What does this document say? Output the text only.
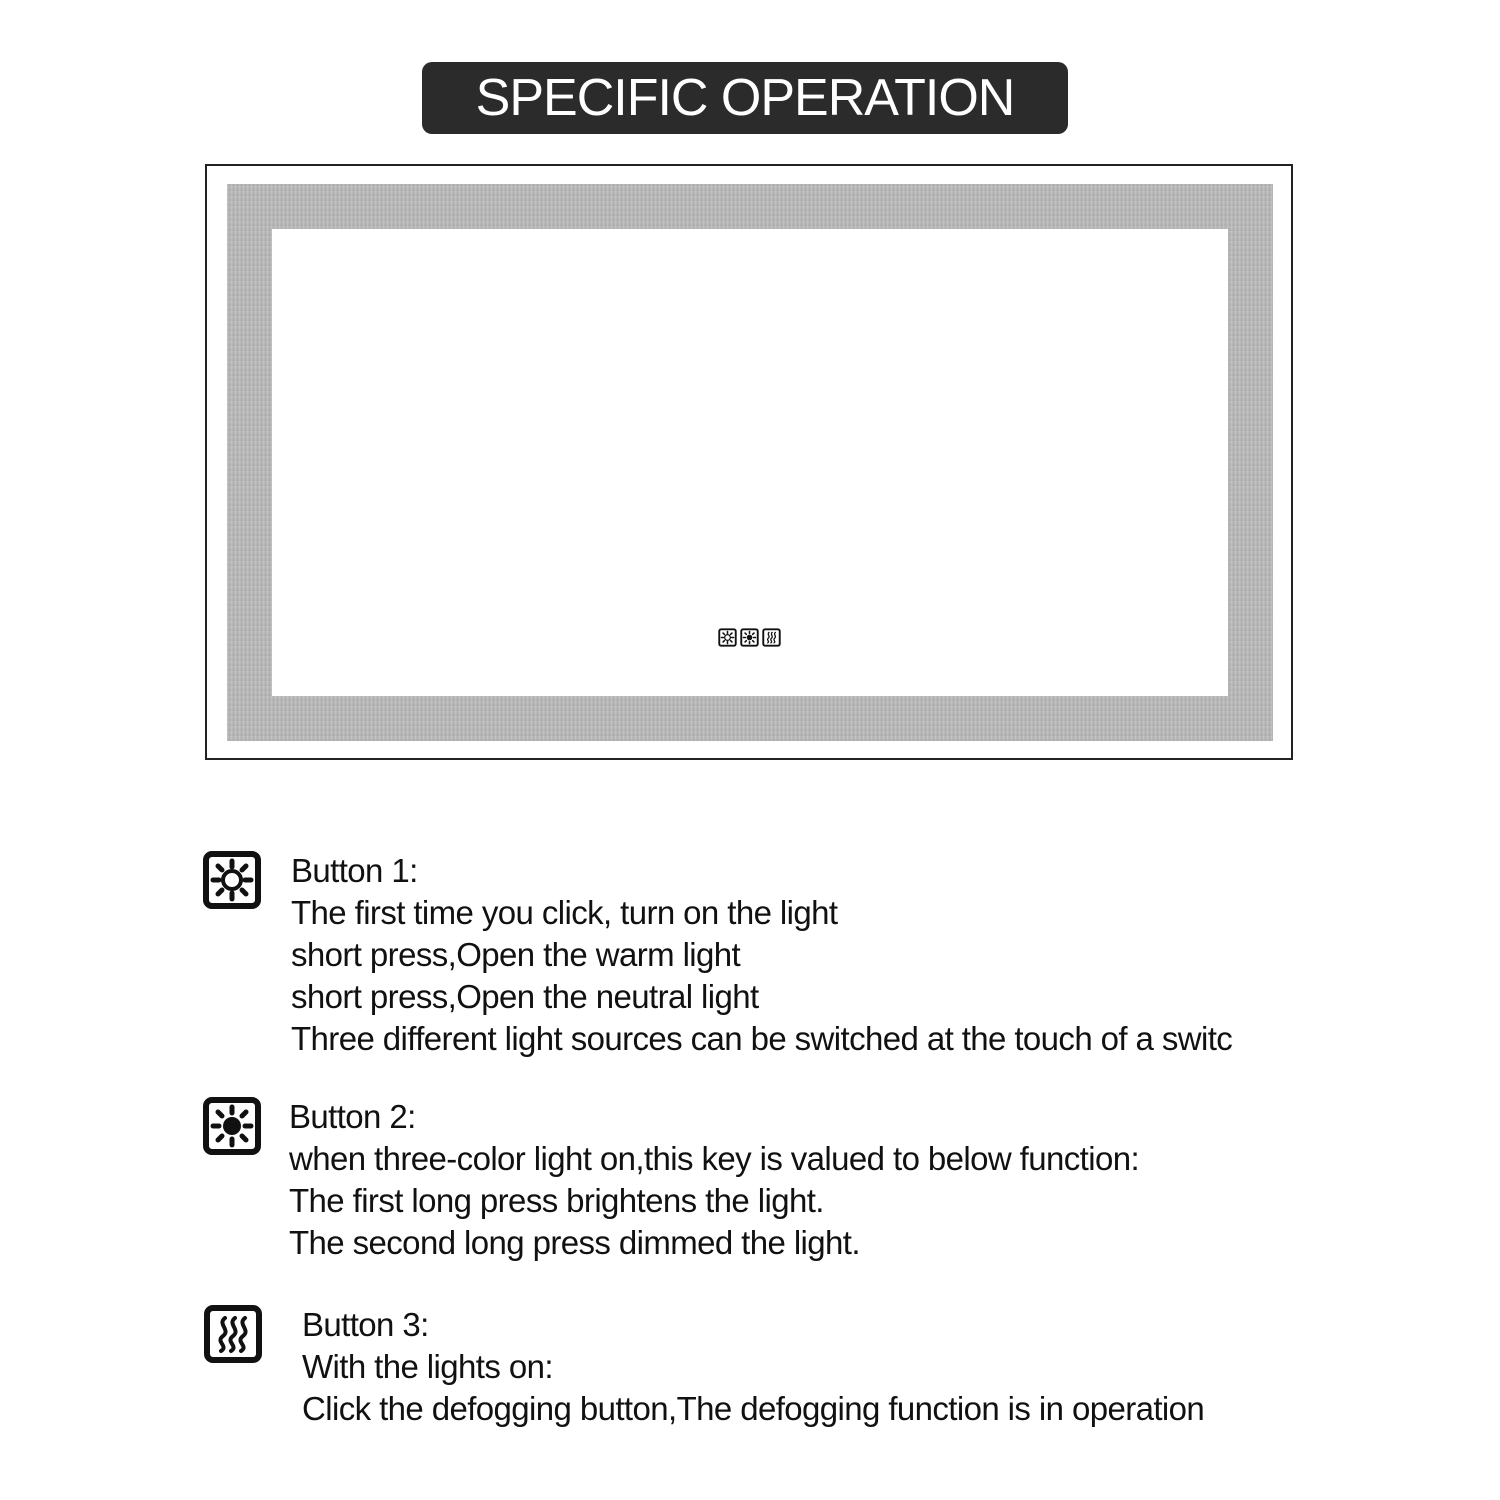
SPECIFIC OPERATION
Button 1:
The first time you click, turn on the light
short press,Open the warm light
short press,Open the neutral light
Three different light sources can be switched at the touch of a switc
Button 2:
when three-color light on,this key is valued to below function:
The first long press brightens the light.
The second long press dimmed the light.
Button 3:
With the lights on:
Click the defogging button,The defogging function is in operation
